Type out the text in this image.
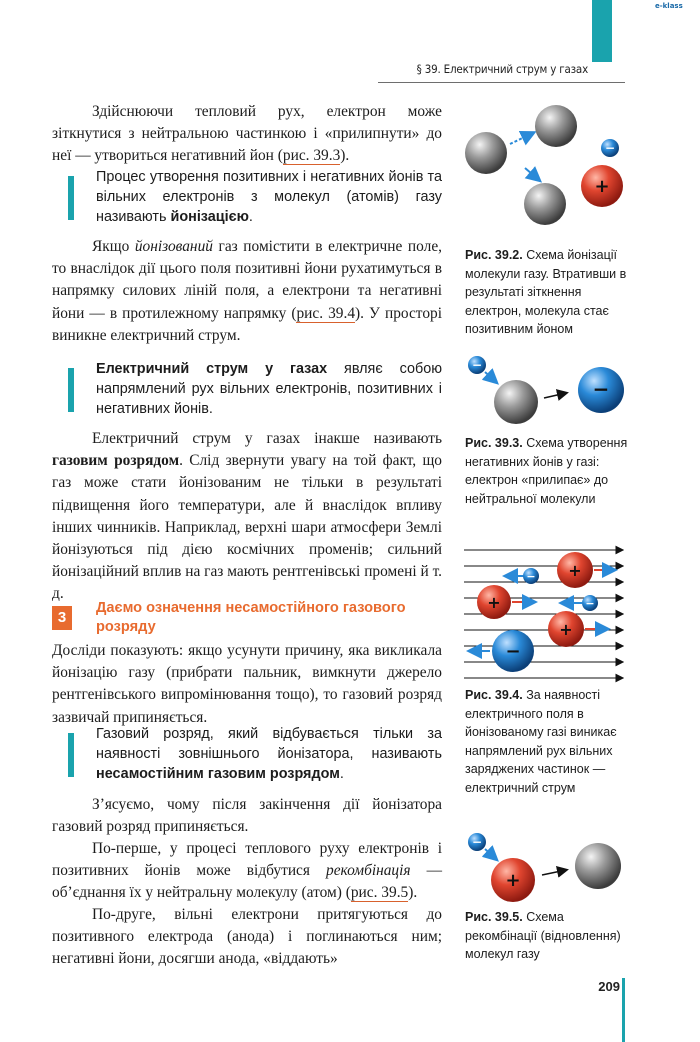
e-klass
§ 39. Електричний струм у газах

Здійснюючи тепловий рух, електрон може зіткнутися з нейтральною частинкою і «прилипнути» до неї — утвориться негативний йон (рис. 39.3).

Процес утворення позитивних і негативних йонів та вільних електронів з молекул (атомів) газу називають йонізацією.

Якщо йонізований газ помістити в електричне поле, то внаслідок дії цього поля позитивні йони рухатимуться в напрямку силових ліній поля, а електрони та негативні йони — в протилежному напрямку (рис. 39.4). У просторі виникне електричний струм.

Електричний струм у газах являє собою напрямлений рух вільних електронів, позитивних і негативних йонів.

Електричний струм у газах інакше називають газовим розрядом. Слід звернути увагу на той факт, що газ може стати йонізованим не тільки в результаті підвищення його температури, але й внаслідок впливу інших чинників. Наприклад, верхні шари атмосфери Землі йонізуються під дією космічних променів; сильний йонізаційний вплив на газ мають рентгенівські промені й т. д.

3

Даємо означення несамостійного газового розряду

Досліди показують: якщо усунути причину, яка викликала йонізацію газу (прибрати пальник, вимкнути джерело рентгенівського випромінювання тощо), то газовий розряд зазвичай припиняється.

Газовий розряд, який відбувається тільки за наявності зовнішнього йонізатора, називають несамостійним газовим розрядом.

З’ясуємо, чому після закінчення дії йонізатора газовий розряд припиняється.

По-перше, у процесі теплового руху електронів і позитивних йонів може відбутися рекомбінація — об’єднання їх у нейтральну молекулу (атом) (рис. 39.5).

По-друге, вільні електрони притягуються до позитивного електрода (анода) і поглинаються ним; негативні йони, досягши анода, «віддають»

−
+

Рис. 39.2. Схема йонізації молекули газу. Втративши в результаті зіткнення електрон, молекула стає позитивним йоном

−
−

Рис. 39.3. Схема утворення негативних йонів у газі: електрон «прилипає» до нейтральної молекули

− +
+	−
+
−

Рис. 39.4. За наявності електричного поля в йонізованому газі виникає напрямлений рух вільних заряджених частинок — електричний струм

−
+

Рис. 39.5. Схема рекомбінації (відновлення) молекул газу

209
